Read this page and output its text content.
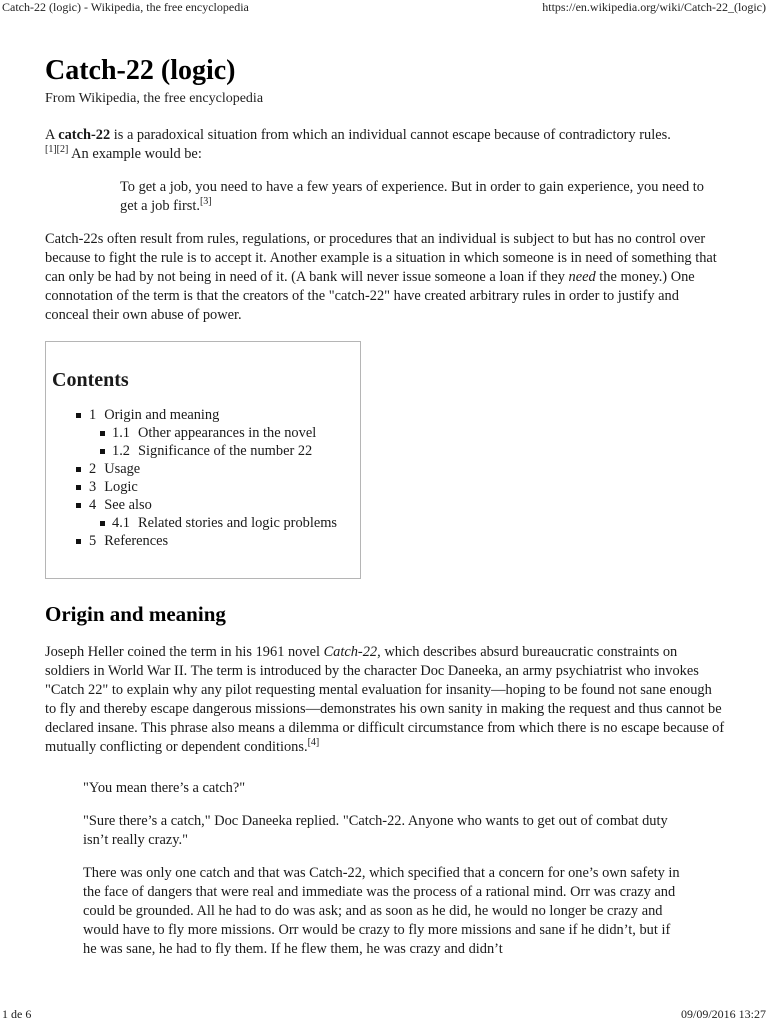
Catch-22 (logic) - Wikipedia, the free encyclopedia	https://en.wikipedia.org/wiki/Catch-22_(logic)
Catch-22 (logic)
From Wikipedia, the free encyclopedia

A catch-22 is a paradoxical situation from which an individual cannot escape because of contradictory rules.
[1][2] An example would be:

To get a job, you need to have a few years of experience. But in order to gain experience, you need to get a job first.[3]

Catch-22s often result from rules, regulations, or procedures that an individual is subject to but has no control over because to fight the rule is to accept it. Another example is a situation in which someone is in need of something that can only be had by not being in need of it. (A bank will never issue someone a loan if they need the money.) One connotation of the term is that the creators of the "catch-22" have created arbitrary rules in order to justify and conceal their own abuse of power.

Contents
1 Origin and meaning
1.1 Other appearances in the novel
1.2 Significance of the number 22
2 Usage
3 Logic
4 See also
4.1 Related stories and logic problems
5 References
Origin and meaning

Joseph Heller coined the term in his 1961 novel Catch-22, which describes absurd bureaucratic constraints on soldiers in World War II. The term is introduced by the character Doc Daneeka, an army psychiatrist who invokes "Catch 22" to explain why any pilot requesting mental evaluation for insanity—hoping to be found not sane enough to fly and thereby escape dangerous missions—demonstrates his own sanity in making the request and thus cannot be declared insane. This phrase also means a dilemma or difficult circumstance from which there is no escape because of mutually conflicting or dependent conditions.[4]

"You mean there’s a catch?"

"Sure there’s a catch," Doc Daneeka replied. "Catch-22. Anyone who wants to get out of combat duty isn’t really crazy."

There was only one catch and that was Catch-22, which specified that a concern for one’s own safety in the face of dangers that were real and immediate was the process of a rational mind. Orr was crazy and could be grounded. All he had to do was ask; and as soon as he did, he would no longer be crazy and would have to fly more missions. Orr would be crazy to fly more missions and sane if he didn’t, but if he was sane, he had to fly them. If he flew them, he was crazy and didn’t

1 de 6	09/09/2016 13:27
